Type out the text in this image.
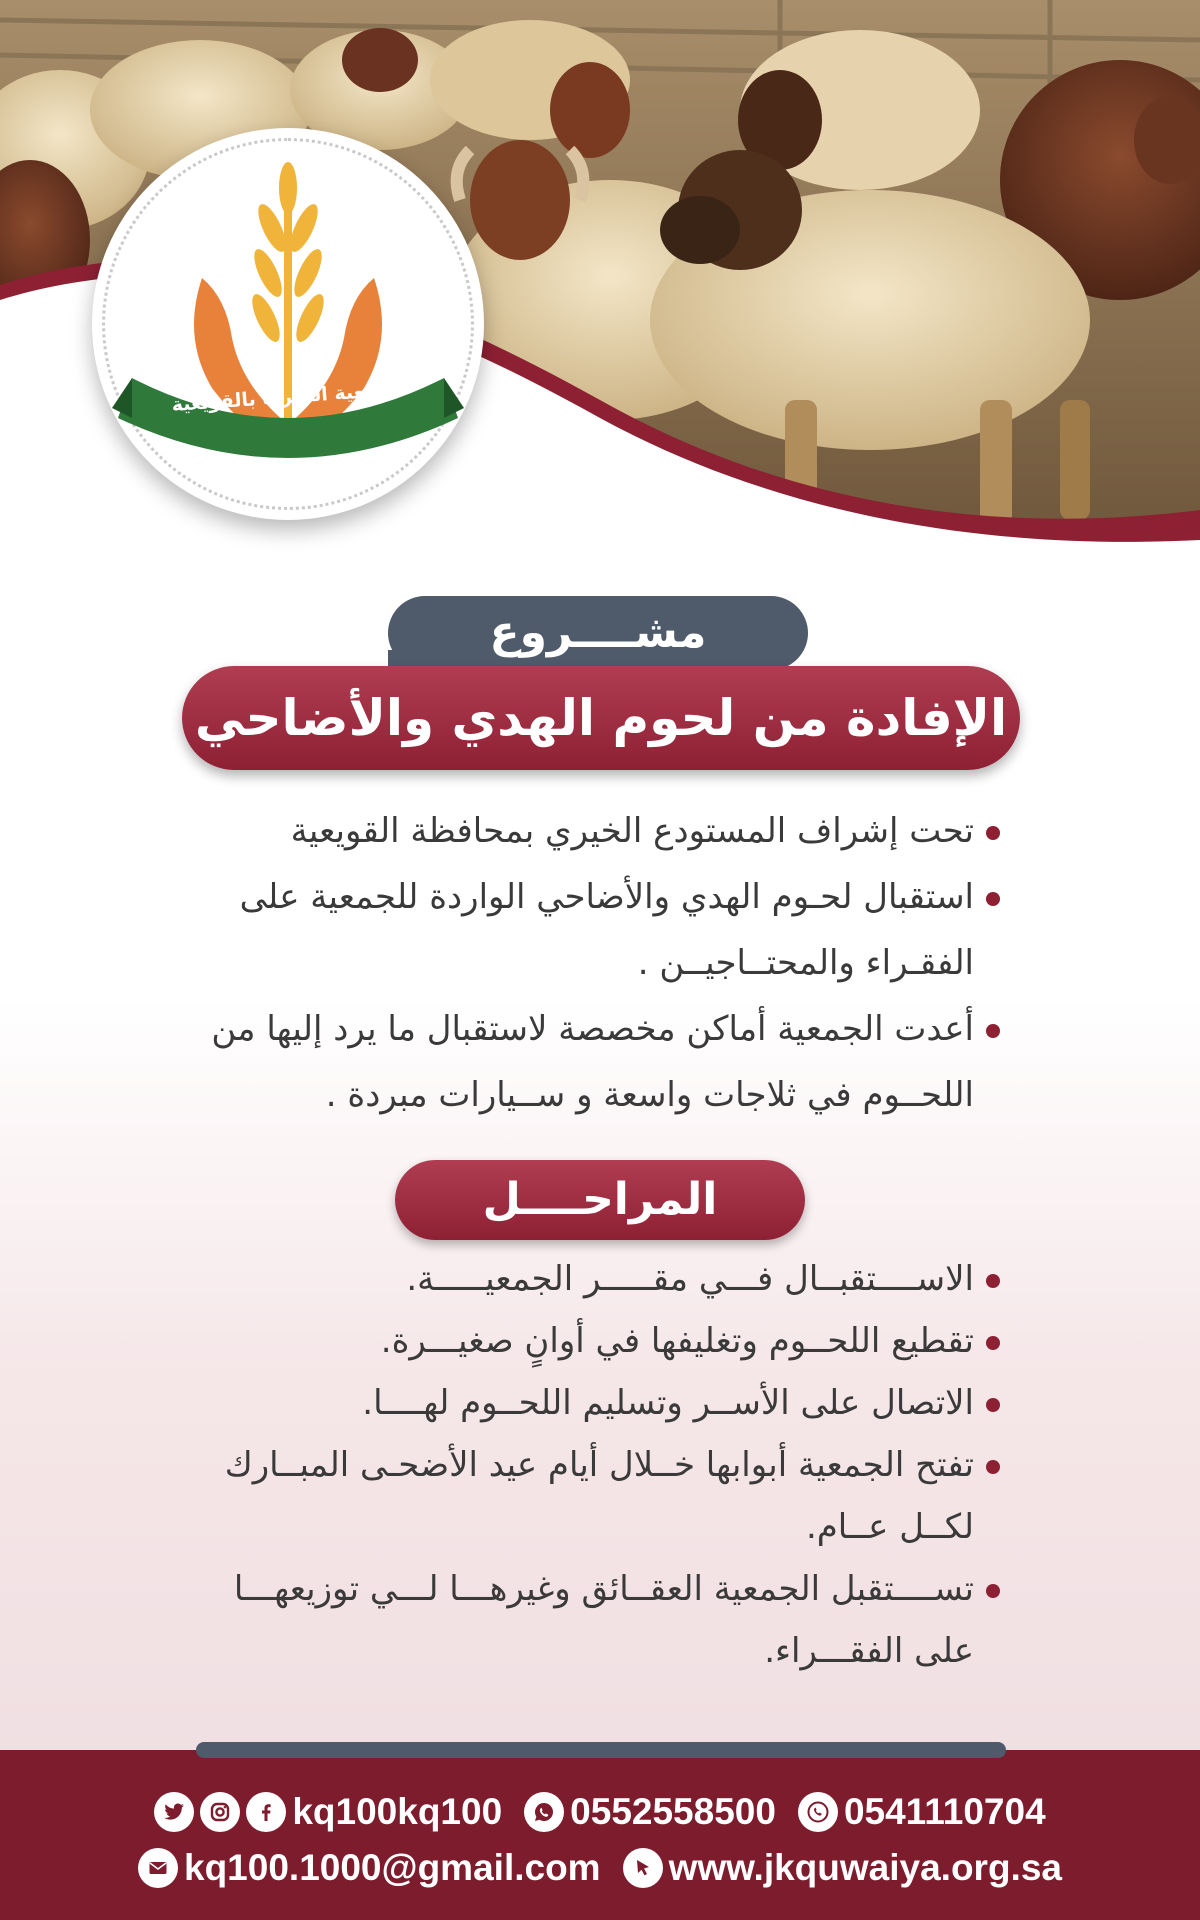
الجمعية الخيرية بالقويعية
مشــــروع
الإفادة من لحوم الهدي والأضاحي
تحت إشراف المستودع الخيري بمحافظة القويعية
استقبال لحـوم الهدي والأضاحي الواردة للجمعية على الفقـراء والمحتــاجيــن .
أعدت الجمعية أماكن مخصصة لاستقبال ما يرد إليها من اللحــوم في ثلاجات واسعة و ســيارات مبردة .
المراحــــل
الاســــتقبــال فـــي مقـــــر الجمعيـــــة.
تقطيع اللحــوم وتغليفها في أوانٍ صغيـــرة.
الاتصال على الأســر وتسليم اللحــوم لهــــا.
تفتح الجمعية أبوابها خــلال أيام عيد الأضحـى المبــارك لكــل عــام.
تســــتقبل الجمعية العقــائق وغيرهـــا لـــي توزيعهـــا على الفقـــراء.
kq100kq100 0552558500 0541110704
kq100.1000@gmail.com www.jkquwaiya.org.sa
